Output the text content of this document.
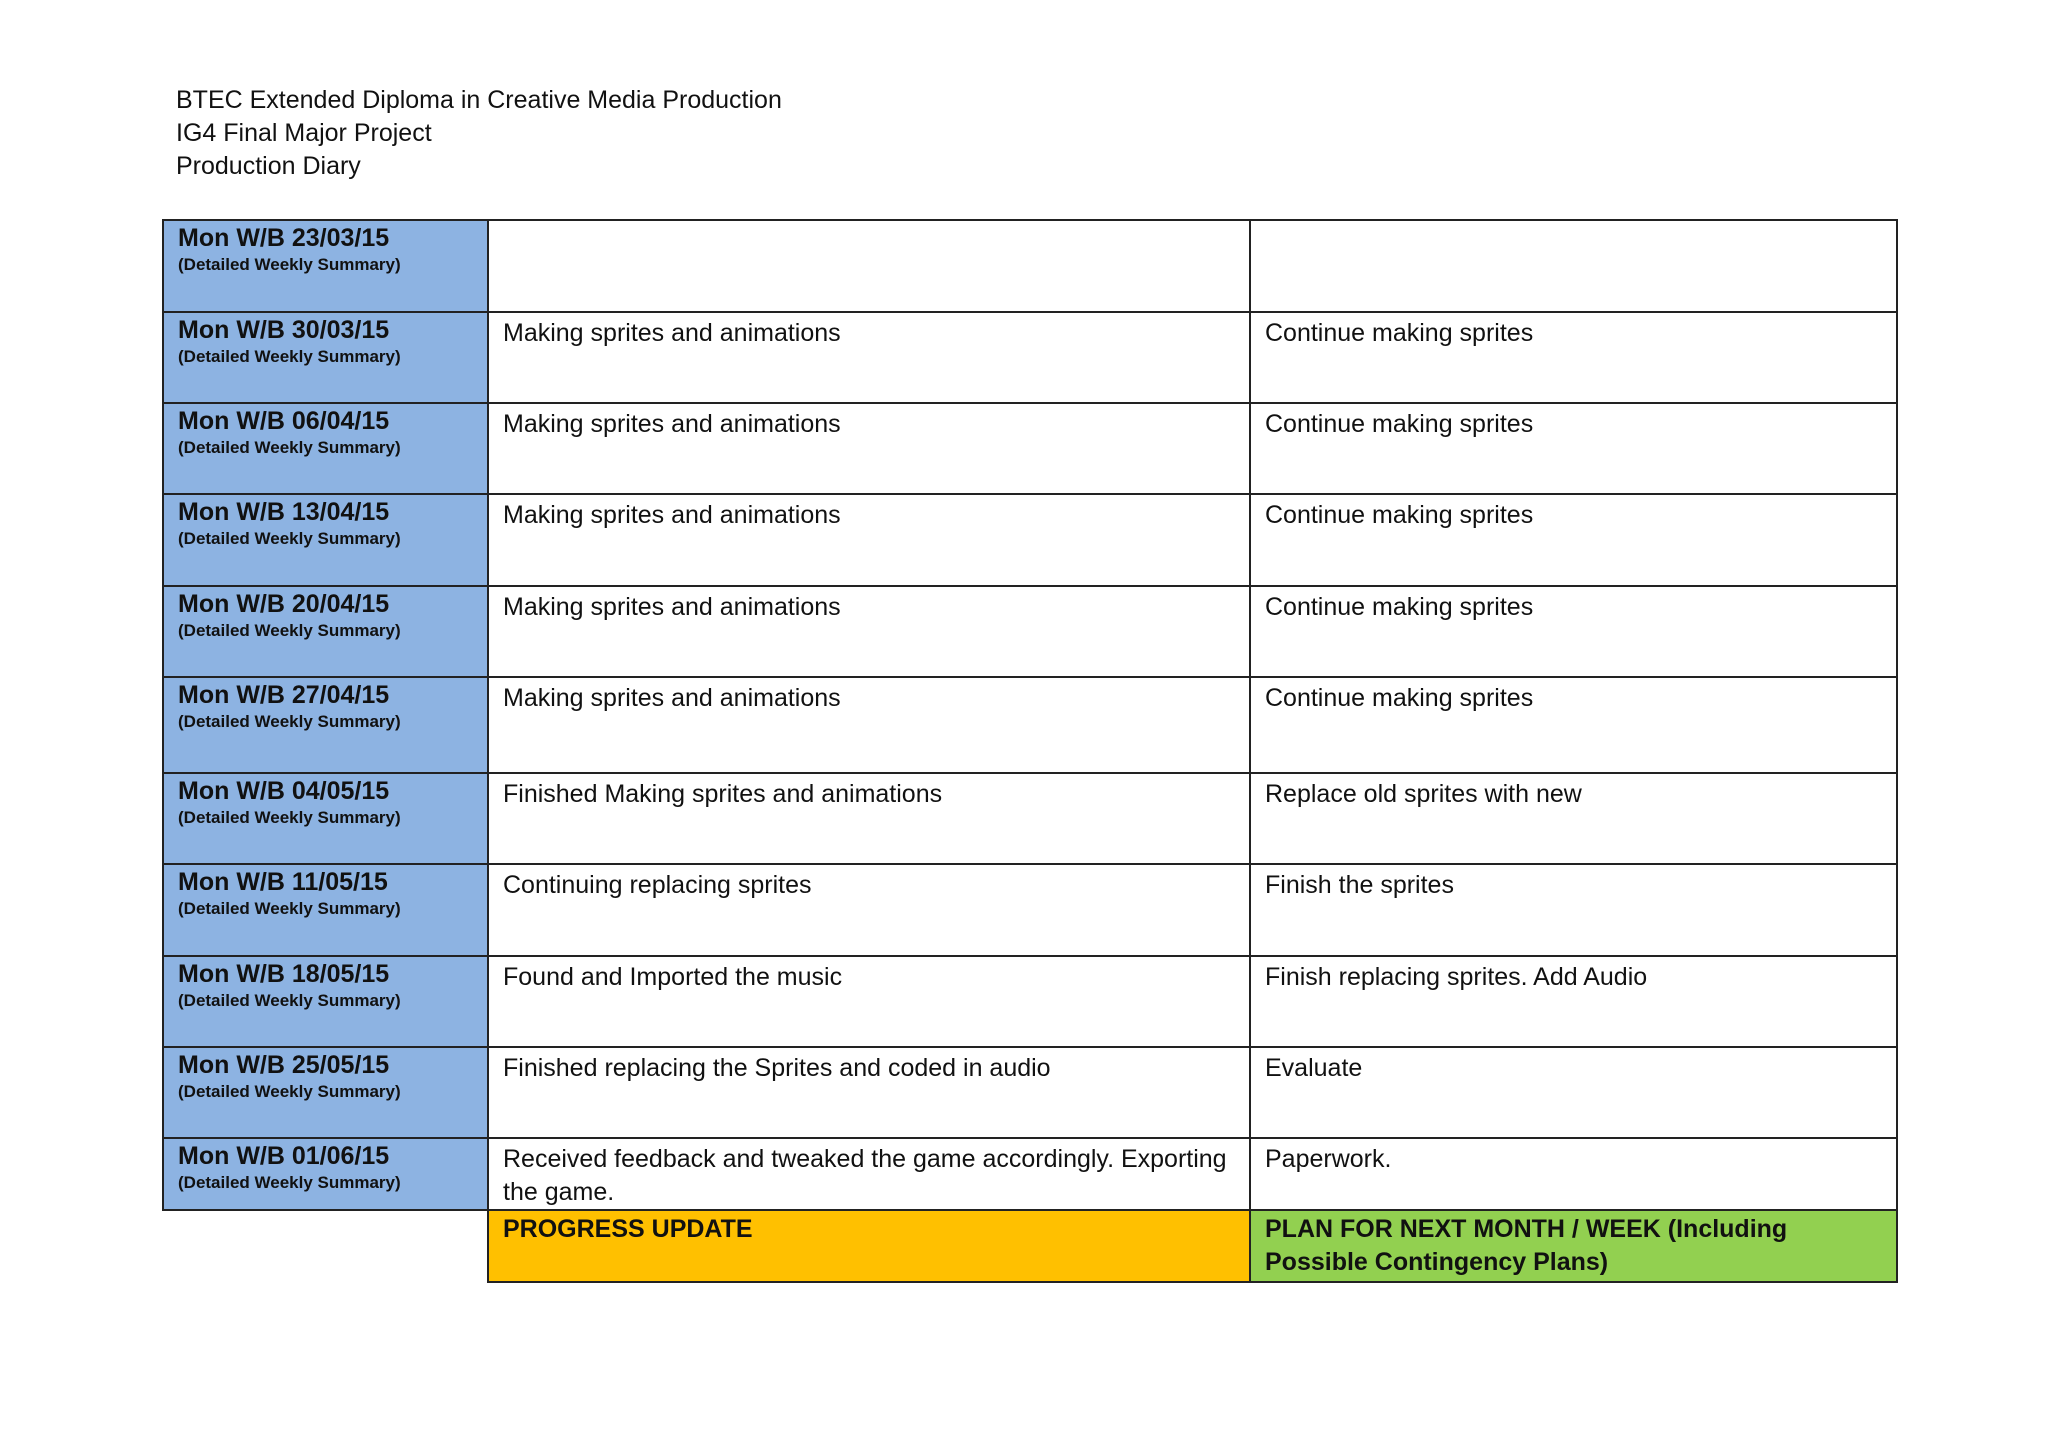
BTEC Extended Diploma in Creative Media Production
IG4 Final Major Project
Production Diary
Mon W/B 23/03/15
(Detailed Weekly Summary)		

Mon W/B 30/03/15
(Detailed Weekly Summary)	Making sprites and animations	Continue making sprites

Mon W/B 06/04/15
(Detailed Weekly Summary)	Making sprites and animations	Continue making sprites

Mon W/B 13/04/15
(Detailed Weekly Summary)	Making sprites and animations	Continue making sprites

Mon W/B 20/04/15
(Detailed Weekly Summary)	Making sprites and animations	Continue making sprites

Mon W/B 27/04/15
(Detailed Weekly Summary)	Making sprites and animations	Continue making sprites

Mon W/B 04/05/15
(Detailed Weekly Summary)	Finished Making sprites and animations	Replace old sprites with new

Mon W/B 11/05/15
(Detailed Weekly Summary)	Continuing replacing sprites	Finish the sprites

Mon W/B 18/05/15
(Detailed Weekly Summary)	Found and Imported the music	Finish replacing sprites. Add Audio

Mon W/B 25/05/15
(Detailed Weekly Summary)	Finished replacing the Sprites and coded in audio	Evaluate

Mon W/B 01/06/15
(Detailed Weekly Summary)	Received feedback and tweaked the game accordingly. Exporting the game.	Paperwork.
	PROGRESS UPDATE	PLAN FOR NEXT MONTH / WEEK (Including Possible Contingency Plans)
